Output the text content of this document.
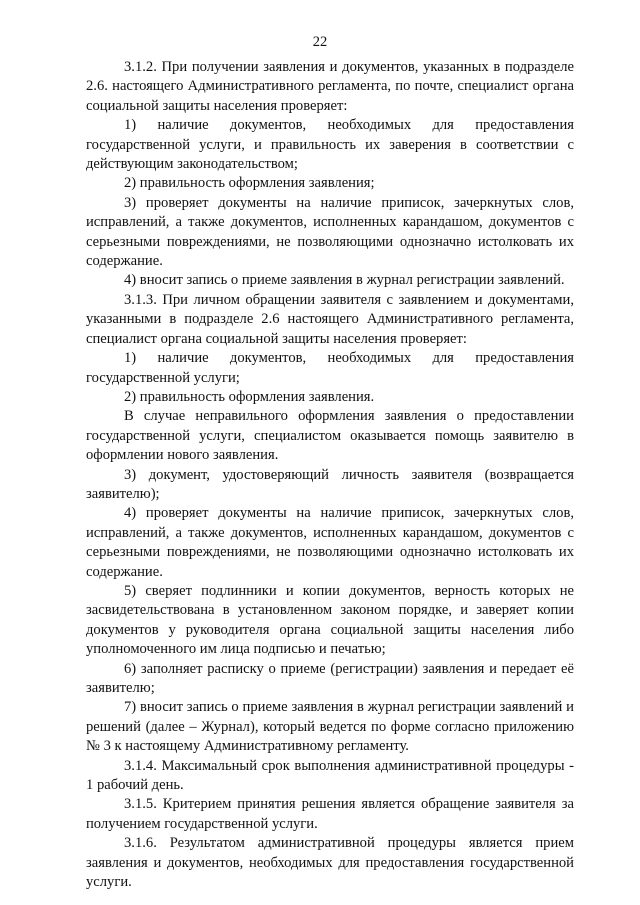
22

3.1.2. При получении заявления и документов, указанных в подразделе 2.6. настоящего Административного регламента, по почте, специалист органа социальной защиты населения проверяет:

1) наличие документов, необходимых для предоставления государственной услуги, и правильность их заверения в соответствии с действующим законодательством;

2) правильность оформления заявления;

3) проверяет документы на наличие приписок, зачеркнутых слов, исправлений, а также документов, исполненных карандашом, документов с серьезными повреждениями, не позволяющими однозначно истолковать их содержание.

4) вносит запись о приеме заявления в журнал регистрации заявлений.

3.1.3. При личном обращении заявителя с заявлением и документами, указанными в подразделе 2.6 настоящего Административного регламента, специалист органа социальной защиты населения проверяет:

1) наличие документов, необходимых для предоставления государственной услуги;

2) правильность оформления заявления.

В случае неправильного оформления заявления о предоставлении государственной услуги, специалистом оказывается помощь заявителю в оформлении нового заявления.

3) документ, удостоверяющий личность заявителя (возвращается заявителю);

4) проверяет документы на наличие приписок, зачеркнутых слов, исправлений, а также документов, исполненных карандашом, документов с серьезными повреждениями, не позволяющими однозначно истолковать их содержание.

5) сверяет подлинники и копии документов, верность которых не засвидетельствована в установленном законом порядке, и заверяет копии документов у руководителя органа социальной защиты населения либо уполномоченного им лица подписью и печатью;

6) заполняет расписку о приеме (регистрации) заявления и передает её заявителю;

7) вносит запись о приеме заявления в журнал регистрации заявлений и решений (далее – Журнал), который ведется по форме согласно приложению № 3 к настоящему Административному регламенту.

3.1.4. Максимальный срок выполнения административной процедуры - 1 рабочий день.

3.1.5. Критерием принятия решения является обращение заявителя за получением государственной услуги.

3.1.6. Результатом административной процедуры является прием заявления и документов, необходимых для предоставления государственной услуги.
